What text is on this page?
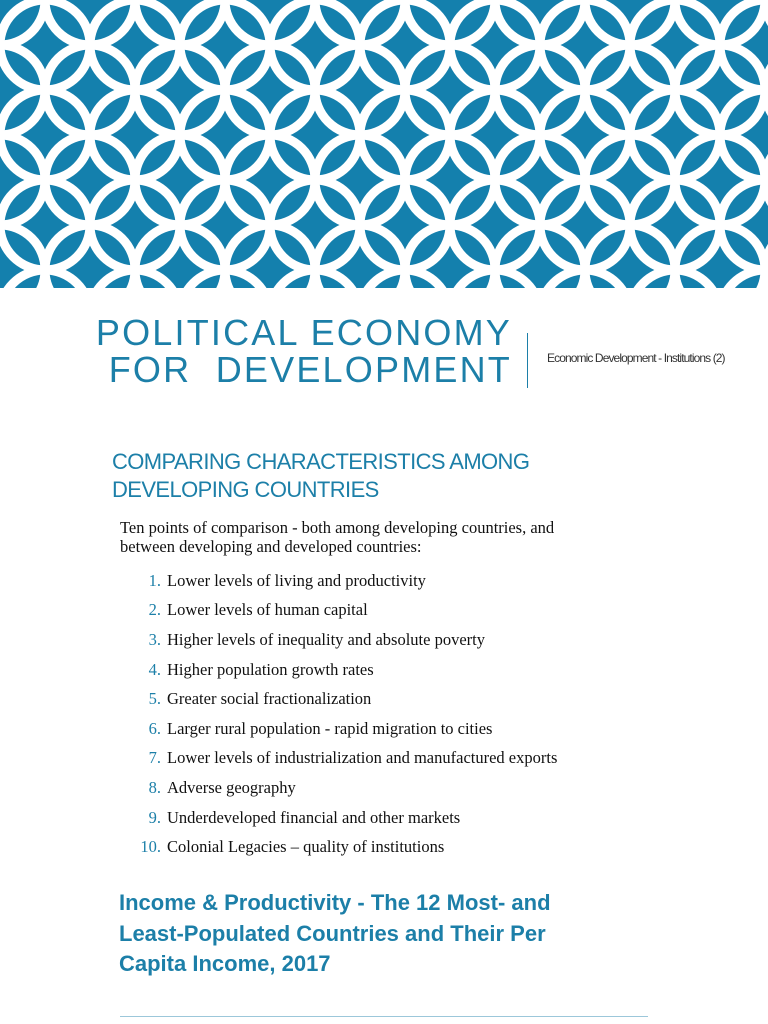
POLITICAL ECONOMY
FOR  DEVELOPMENT	Economic Development - Institutions (2)
COMPARING CHARACTERISTICS AMONG DEVELOPING COUNTRIES
Ten points of comparison - both among developing countries, and between developing and developed countries:
1. Lower levels of living and productivity
2. Lower levels of human capital
3. Higher levels of inequality and absolute poverty
4. Higher population growth rates
5. Greater social fractionalization
6. Larger rural population - rapid migration to cities
7. Lower levels of industrialization and manufactured exports
8. Adverse geography
9. Underdeveloped financial and other markets
10. Colonial Legacies – quality of institutions
Income & Productivity - The 12 Most- and Least-Populated Countries and Their Per Capita Income, 2017
